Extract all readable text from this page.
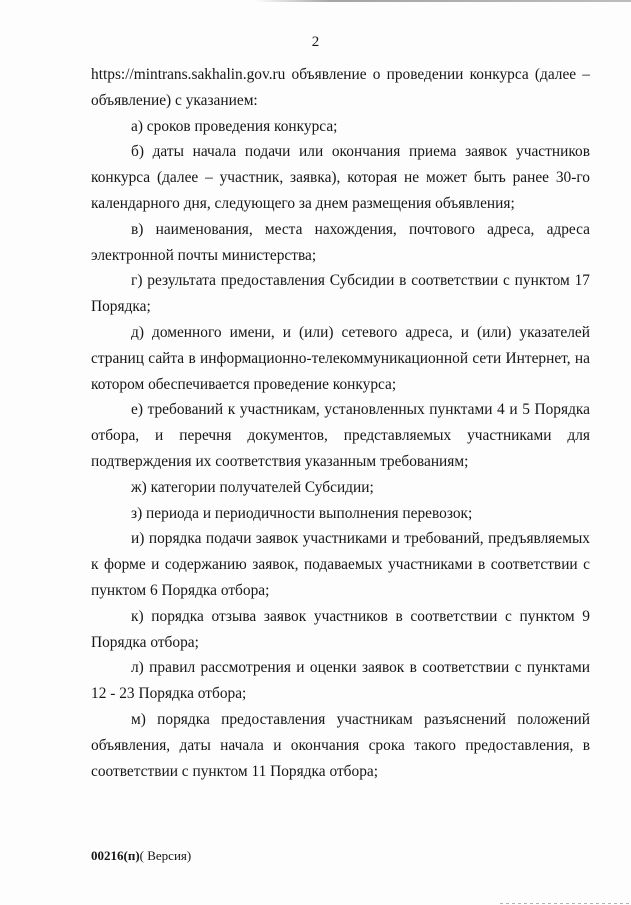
2

https://mintrans.sakhalin.gov.ru объявление о проведении конкурса (далее – объявление) с указанием:

а) сроков проведения конкурса;

б) даты начала подачи или окончания приема заявок участников конкурса (далее – участник, заявка), которая не может быть ранее 30-го календарного дня, следующего за днем размещения объявления;

в) наименования, места нахождения, почтового адреса, адреса электронной почты министерства;

г) результата предоставления Субсидии в соответствии с пунктом 17 Порядка;

д) доменного имени, и (или) сетевого адреса, и (или) указателей страниц сайта в информационно-телекоммуникационной сети Интернет, на котором обеспечивается проведение конкурса;

е) требований к участникам, установленных пунктами 4 и 5 Порядка отбора, и перечня документов, представляемых участниками для подтверждения их соответствия указанным требованиям;

ж) категории получателей Субсидии;

з) периода и периодичности выполнения перевозок;

и) порядка подачи заявок участниками и требований, предъявляемых к форме и содержанию заявок, подаваемых участниками в соответствии с пунктом 6 Порядка отбора;

к) порядка отзыва заявок участников в соответствии с пунктом 9 Порядка отбора;

л) правил рассмотрения и оценки заявок в соответствии с пунктами 12 - 23 Порядка отбора;

м) порядка предоставления участникам разъяснений положений объявления, даты начала и окончания срока такого предоставления, в соответствии с пунктом 11 Порядка отбора;

00216(п)( Версия)
